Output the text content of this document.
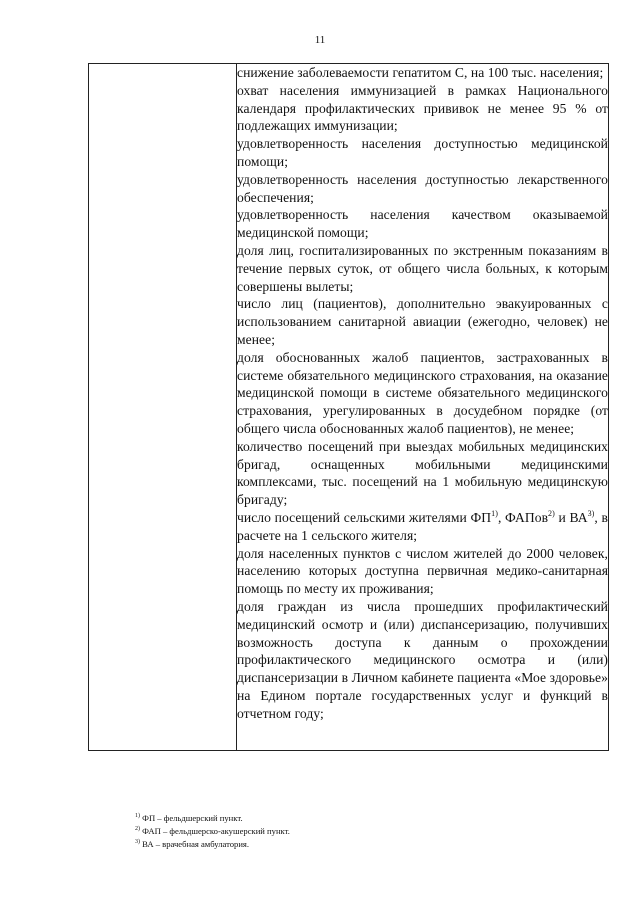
11

снижение заболеваемости гепатитом С, на 100 тыс. населения;
охват населения иммунизацией в рамках Национального календаря профилактических прививок не менее 95 % от подлежащих иммунизации;
удовлетворенность населения доступностью медицинской помощи;
удовлетворенность населения доступностью лекарственного обеспечения;
удовлетворенность населения качеством оказываемой медицинской помощи;
доля лиц, госпитализированных по экстренным показаниям в течение первых суток, от общего числа больных, к которым совершены вылеты;
число лиц (пациентов), дополнительно эвакуированных с использованием санитарной авиации (ежегодно, человек) не менее;
доля обоснованных жалоб пациентов, застрахованных в системе обязательного медицинского страхования, на оказание медицинской помощи в системе обязательного медицинского страхования, урегулированных в досудебном порядке (от общего числа обоснованных жалоб пациентов), не менее;
количество посещений при выездах мобильных медицинских бригад, оснащенных мобильными медицинскими комплексами, тыс. посещений на 1 мобильную медицинскую бригаду;
число посещений сельскими жителями ФП$^{1)}$, ФАПов$^{2)}$ и ВА$^{3)}$, в расчете на 1 сельского жителя;
доля населенных пунктов с числом жителей до 2000 человек, населению которых доступна первичная медико-санитарная помощь по месту их проживания;
доля граждан из числа прошедших профилактический медицинский осмотр и (или) диспансеризацию, получивших возможность доступа к данным о прохождении профилактического медицинского осмотра и (или) диспансеризации в Личном кабинете пациента «Мое здоровье» на Едином портале государственных услуг и функций в отчетном году;

$^{1)}$ ФП – фельдшерский пункт.

$^{2)}$ ФАП – фельдшерско-акушерский пункт.

$^{3)}$ ВА – врачебная амбулатория.
